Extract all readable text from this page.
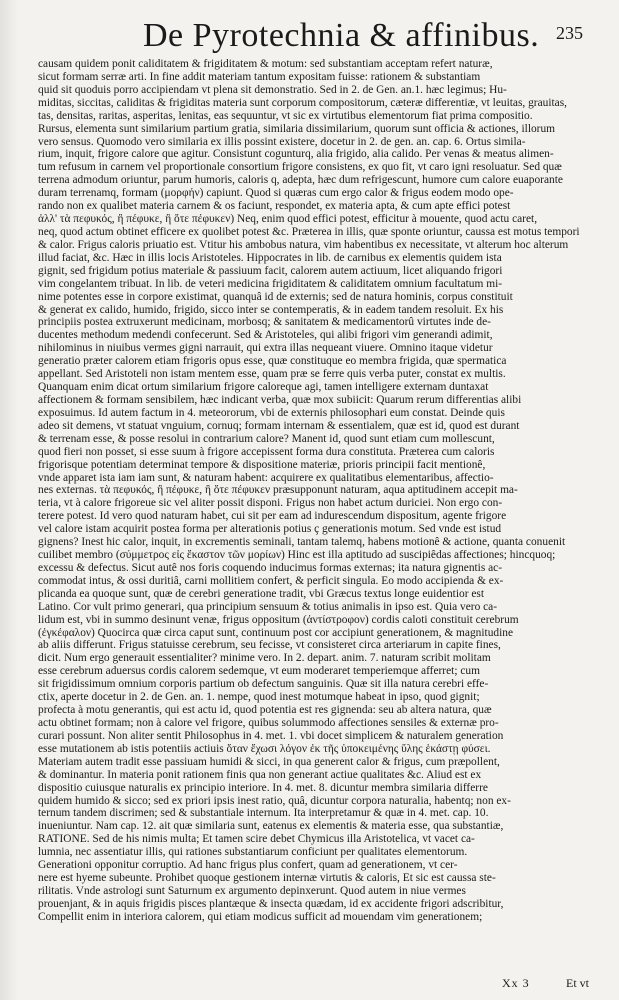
De Pyrotechnia & affinibus. 235
causam quidem ponit caliditatem & frigiditatem & motum: sed substantiam acceptam refert naturæ,
sicut formam serræ arti. In fine addit materiam tantum expositam fuisse: rationem & substantiam
quid sit quoduis porro accipiendam vt plena sit demonstratio. Sed in 2. de Gen. an.1. hæc legimus; Hu-
miditas, siccitas, caliditas & frigiditas materia sunt corporum compositorum, cæteræ differentiæ, vt leuitas, grauitas,
tas, densitas, raritas, asperitas, lenitas, eas sequuntur, vt sic ex virtutibus elementorum fiat prima compositio.
Rursus, elementa sunt similarium partium gratia, similaria dissimilarium, quorum sunt officia & actiones, illorum
vero sensus. Quomodo vero similaria ex illis possint existere, docetur in 2. de gen. an. cap. 6. Ortus simila-
rium, inquit, frigore calore que agitur. Consistunt cogunturq, alia frigido, alia calido. Per venas & meatus alimen-
tum refusum in carnem vel proportionale consortium frigore consistens, ex quo fit, vt caro igni resoluatur. Sed quæ
terrena admodum oriuntur, parum humoris, caloris q, adepta, hæc dum refrigescunt, humore cum calore euaporante
duram terrenamq, formam (μορφήν) capiunt. Quod si quæras cum ergo calor & frigus eodem modo ope-
rando non ex qualibet materia carnem & os faciunt, respondet, ex materia apta, & cum apte effici potest
ἀλλ' τὰ πεφυκός, ἢ πέφυκε, ἢ ὅτε πέφυκεν) Neq, enim quod effici potest, efficitur à mouente, quod actu caret,
neq, quod actum obtinet efficere ex quolibet potest &c. Præterea in illis, quæ sponte oriuntur, caussa est motus tempori
& calor. Frigus caloris priuatio est. Vtitur his ambobus natura, vim habentibus ex necessitate, vt alterum hoc alterum
illud faciat, &c. Hæc in illis locis Aristoteles. Hippocrates in lib. de carnibus ex elementis quidem ista
gignit, sed frigidum potius materiale & passiuum facit, calorem autem actiuum, licet aliquando frigori
vim congelantem tribuat. In lib. de veteri medicina frigiditatem & caliditatem omnium facultatum mi-
nime potentes esse in corpore existimat, quanquâ id de externis; sed de natura hominis, corpus constituit
& generat ex calido, humido, frigido, sicco inter se contemperatis, & in eadem tandem resoluit. Ex his
principiis postea extruxerunt medicinam, morbosq; & sanitatem & medicamentorû virtutes inde de-
ducentes methodum medendi confecerunt. Sed & Aristoteles, qui alibi frigori vim generandi adimit,
nihilominus in niuibus vermes gigni narrauit, qui extra illas nequeant viuere. Omnino itaque videtur
generatio præter calorem etiam frigoris opus esse, quæ constituque eo membra frigida, quæ spermatica
appellant. Sed Aristoteli non istam mentem esse, quam præ se ferre quis verba puter, constat ex multis.
Quanquam enim dicat ortum similarium frigore caloreque agi, tamen intelligere externam duntaxat
affectionem & formam sensibilem, hæc indicant verba, quæ mox subiicit: Quarum rerum differentias alibi
exposuimus. Id autem factum in 4. meteororum, vbi de externis philosophari eum constat. Deinde quis
adeo sit demens, vt statuat vnguium, cornuq; formam internam & essentialem, quæ est id, quod est durant
& terrenam esse, & posse resolui in contrarium calore? Manent id, quod sunt etiam cum mollescunt,
quod fieri non posset, si esse suum à frigore accepissent forma dura constituta. Præterea cum caloris
frigorisque potentiam determinat tempore & dispositione materiæ, prioris principii facit mentionê,
vnde apparet ista iam iam sunt, & naturam habent: acquirere ex qualitatibus elementaribus, affectio-
nes externas. τὰ πεφυκός, ἢ πέφυκε, ἢ ὅτε πέφυκεν præsupponunt naturam, aqua aptitudinem accepit ma-
teria, vt à calore frigoreue sic vel aliter possit disponi. Frigus non habet actum duriciei. Non ergo con-
terere potest. Id vero quod naturam habet, cui sit per eam ad indurescendum dispositum, agente frigore
vel calore istam acquirit postea forma per alterationis potius ç generationis motum. Sed vnde est istud
gignens? Inest hic calor, inquit, in excrementis seminali, tantam talemq, habens motionê & actione, quanta conuenit
cuilibet membro (σύμμετρος εἰς ἕκαστον τῶν μορίων) Hinc est illa aptitudo ad suscipiêdas affectiones; hincquoq;
excessu & defectus. Sicut autê nos foris coquendo inducimus formas externas; ita natura gignentis ac-
commodat intus, & ossi duritiâ, carni mollitiem confert, & perficit singula. Eo modo accipienda & ex-
plicanda ea quoque sunt, quæ de cerebri generatione tradit, vbi Græcus textus longe euidentior est
Latino. Cor vult primo generari, qua principium sensuum & totius animalis in ipso est. Quia vero ca-
lidum est, vbi in summo desinunt venæ, frigus oppositum (ἀντίστροφον) cordis caloti constituit cerebrum
(ἐγκέφαλον) Quocirca quæ circa caput sunt, continuum post cor accipiunt generationem, & magnitudine
ab aliis differunt. Frigus statuisse cerebrum, seu fecisse, vt consisteret circa arteriarum in capite fines,
dicit. Num ergo generauit essentialiter? minime vero. In 2. depart. anim. 7. naturam scribit molitam
esse cerebrum aduersus cordis calorem sedemque, vt eum moderaret temperiemque afferret; cum
sit frigidissimum omnium corporis partium ob defectum sanguinis. Quæ sit illa natura cerebri effe-
ctix, aperte docetur in 2. de Gen. an. 1. nempe, quod inest motumque habeat in ipso, quod gignit;
profecta à motu generantis, qui est actu id, quod potentia est res gignenda: seu ab altera natura, quæ
actu obtinet formam; non à calore vel frigore, quibus solummodo affectiones sensiles & externæ pro-
curari possunt. Non aliter sentit Philosophus in 4. met. 1. vbi docet simplicem & naturalem generation
esse mutationem ab istis potentiis actiuis ὅταν ἔχωσι λόγον ἐκ τῆς ὑποκειμένης ὕλης ἑκάστῃ φύσει.
Materiam autem tradit esse passiuam humidi & sicci, in qua generent calor & frigus, cum præpollent,
& dominantur. In materia ponit rationem finis qua non generant actiue qualitates &c. Aliud est ex
dispositio cuiusque naturalis ex principio interiore. In 4. met. 8. dicuntur membra similaria differre
quidem humido & sicco; sed ex priori ipsis inest ratio, quâ, dicuntur corpora naturalia, habentq; non ex-
ternum tandem discrimen; sed & substantiale internum. Ita interpretamur & quæ in 4. met. cap. 10.
inueniuntur. Nam cap. 12. ait quæ similaria sunt, eatenus ex elementis & materia esse, qua substantiæ,
RATIONE. Sed de his nimis multa; Et tamen scire debet Chymicus illa Aristotelica, vt vacet ca-
lumnia, nec assentiatur illis, qui rationes substantiarum conficiunt per qualitates elementorum.
Generationi opponitur corruptio. Ad hanc frigus plus confert, quam ad generationem, vt cer-
nere est hyeme subeunte. Prohibet quoque gestionem internæ virtutis & caloris, Et sic est caussa ste-
rilitatis. Vnde astrologi sunt Saturnum ex argumento depinxerunt. Quod autem in niue vermes
prouenjant, & in aquis frigidis pisces plantæque & insecta quædam, id ex accidente frigori adscribitur,
Compellit enim in interiora calorem, qui etiam modicus sufficit ad mouendam vim generationem;
Xx 3	Et vt
